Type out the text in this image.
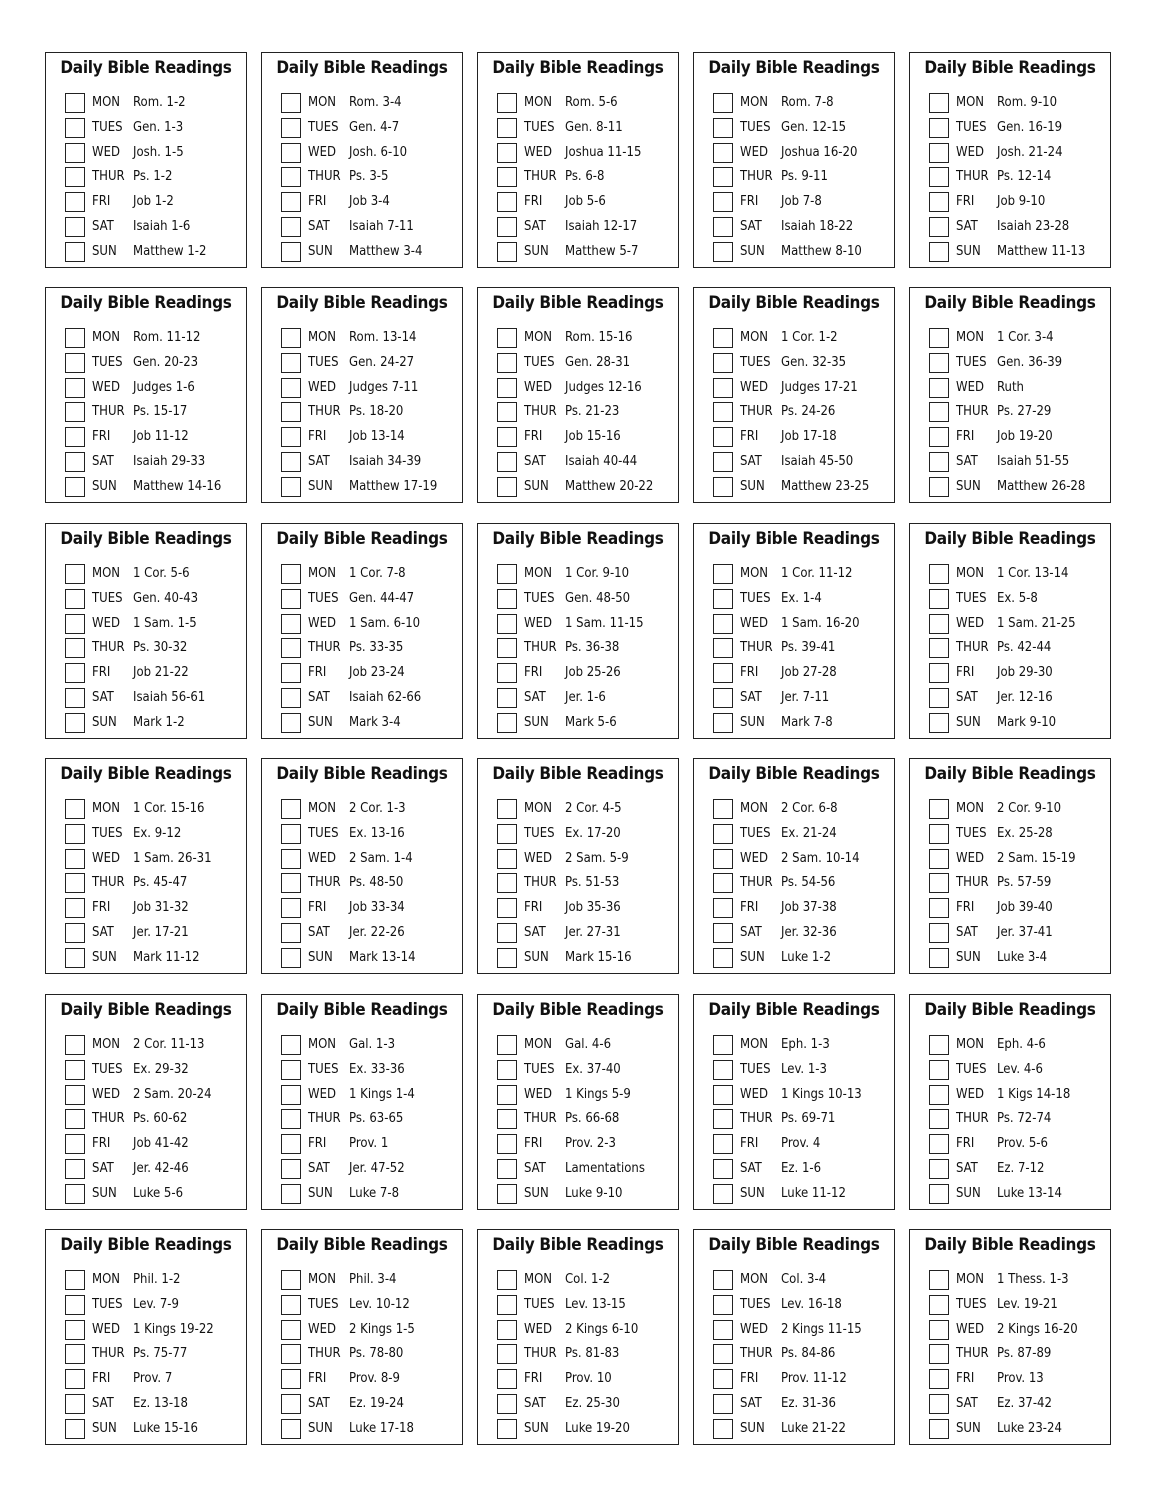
Daily Bible Readings
MON Rom. 1-2
TUES Gen. 1-3
WED Josh. 1-5
THUR Ps. 1-2
FRI Job 1-2
SAT Isaiah 1-6
SUN Matthew 1-2
Daily Bible Readings
MON Rom. 3-4
TUES Gen. 4-7
WED Josh. 6-10
THUR Ps. 3-5
FRI Job 3-4
SAT Isaiah 7-11
SUN Matthew 3-4
Daily Bible Readings
MON Rom. 5-6
TUES Gen. 8-11
WED Joshua 11-15
THUR Ps. 6-8
FRI Job 5-6
SAT Isaiah 12-17
SUN Matthew 5-7
Daily Bible Readings
MON Rom. 7-8
TUES Gen. 12-15
WED Joshua 16-20
THUR Ps. 9-11
FRI Job 7-8
SAT Isaiah 18-22
SUN Matthew 8-10
Daily Bible Readings
MON Rom. 9-10
TUES Gen. 16-19
WED Josh. 21-24
THUR Ps. 12-14
FRI Job 9-10
SAT Isaiah 23-28
SUN Matthew 11-13
Daily Bible Readings
MON Rom. 11-12
TUES Gen. 20-23
WED Judges 1-6
THUR Ps. 15-17
FRI Job 11-12
SAT Isaiah 29-33
SUN Matthew 14-16
Daily Bible Readings
MON Rom. 13-14
TUES Gen. 24-27
WED Judges 7-11
THUR Ps. 18-20
FRI Job 13-14
SAT Isaiah 34-39
SUN Matthew 17-19
Daily Bible Readings
MON Rom. 15-16
TUES Gen. 28-31
WED Judges 12-16
THUR Ps. 21-23
FRI Job 15-16
SAT Isaiah 40-44
SUN Matthew 20-22
Daily Bible Readings
MON 1 Cor. 1-2
TUES Gen. 32-35
WED Judges 17-21
THUR Ps. 24-26
FRI Job 17-18
SAT Isaiah 45-50
SUN Matthew 23-25
Daily Bible Readings
MON 1 Cor. 3-4
TUES Gen. 36-39
WED Ruth
THUR Ps. 27-29
FRI Job 19-20
SAT Isaiah 51-55
SUN Matthew 26-28
Daily Bible Readings
MON 1 Cor. 5-6
TUES Gen. 40-43
WED 1 Sam. 1-5
THUR Ps. 30-32
FRI Job 21-22
SAT Isaiah 56-61
SUN Mark 1-2
Daily Bible Readings
MON 1 Cor. 7-8
TUES Gen. 44-47
WED 1 Sam. 6-10
THUR Ps. 33-35
FRI Job 23-24
SAT Isaiah 62-66
SUN Mark 3-4
Daily Bible Readings
MON 1 Cor. 9-10
TUES Gen. 48-50
WED 1 Sam. 11-15
THUR Ps. 36-38
FRI Job 25-26
SAT Jer. 1-6
SUN Mark 5-6
Daily Bible Readings
MON 1 Cor. 11-12
TUES Ex. 1-4
WED 1 Sam. 16-20
THUR Ps. 39-41
FRI Job 27-28
SAT Jer. 7-11
SUN Mark 7-8
Daily Bible Readings
MON 1 Cor. 13-14
TUES Ex. 5-8
WED 1 Sam. 21-25
THUR Ps. 42-44
FRI Job 29-30
SAT Jer. 12-16
SUN Mark 9-10
Daily Bible Readings
MON 1 Cor. 15-16
TUES Ex. 9-12
WED 1 Sam. 26-31
THUR Ps. 45-47
FRI Job 31-32
SAT Jer. 17-21
SUN Mark 11-12
Daily Bible Readings
MON 2 Cor. 1-3
TUES Ex. 13-16
WED 2 Sam. 1-4
THUR Ps. 48-50
FRI Job 33-34
SAT Jer. 22-26
SUN Mark 13-14
Daily Bible Readings
MON 2 Cor. 4-5
TUES Ex. 17-20
WED 2 Sam. 5-9
THUR Ps. 51-53
FRI Job 35-36
SAT Jer. 27-31
SUN Mark 15-16
Daily Bible Readings
MON 2 Cor. 6-8
TUES Ex. 21-24
WED 2 Sam. 10-14
THUR Ps. 54-56
FRI Job 37-38
SAT Jer. 32-36
SUN Luke 1-2
Daily Bible Readings
MON 2 Cor. 9-10
TUES Ex. 25-28
WED 2 Sam. 15-19
THUR Ps. 57-59
FRI Job 39-40
SAT Jer. 37-41
SUN Luke 3-4
Daily Bible Readings
MON 2 Cor. 11-13
TUES Ex. 29-32
WED 2 Sam. 20-24
THUR Ps. 60-62
FRI Job 41-42
SAT Jer. 42-46
SUN Luke 5-6
Daily Bible Readings
MON Gal. 1-3
TUES Ex. 33-36
WED 1 Kings 1-4
THUR Ps. 63-65
FRI Prov. 1
SAT Jer. 47-52
SUN Luke 7-8
Daily Bible Readings
MON Gal. 4-6
TUES Ex. 37-40
WED 1 Kings 5-9
THUR Ps. 66-68
FRI Prov. 2-3
SAT Lamentations
SUN Luke 9-10
Daily Bible Readings
MON Eph. 1-3
TUES Lev. 1-3
WED 1 Kings 10-13
THUR Ps. 69-71
FRI Prov. 4
SAT Ez. 1-6
SUN Luke 11-12
Daily Bible Readings
MON Eph. 4-6
TUES Lev. 4-6
WED 1 Kigs 14-18
THUR Ps. 72-74
FRI Prov. 5-6
SAT Ez. 7-12
SUN Luke 13-14
Daily Bible Readings
MON Phil. 1-2
TUES Lev. 7-9
WED 1 Kings 19-22
THUR Ps. 75-77
FRI Prov. 7
SAT Ez. 13-18
SUN Luke 15-16
Daily Bible Readings
MON Phil. 3-4
TUES Lev. 10-12
WED 2 Kings 1-5
THUR Ps. 78-80
FRI Prov. 8-9
SAT Ez. 19-24
SUN Luke 17-18
Daily Bible Readings
MON Col. 1-2
TUES Lev. 13-15
WED 2 Kings 6-10
THUR Ps. 81-83
FRI Prov. 10
SAT Ez. 25-30
SUN Luke 19-20
Daily Bible Readings
MON Col. 3-4
TUES Lev. 16-18
WED 2 Kings 11-15
THUR Ps. 84-86
FRI Prov. 11-12
SAT Ez. 31-36
SUN Luke 21-22
Daily Bible Readings
MON 1 Thess. 1-3
TUES Lev. 19-21
WED 2 Kings 16-20
THUR Ps. 87-89
FRI Prov. 13
SAT Ez. 37-42
SUN Luke 23-24
